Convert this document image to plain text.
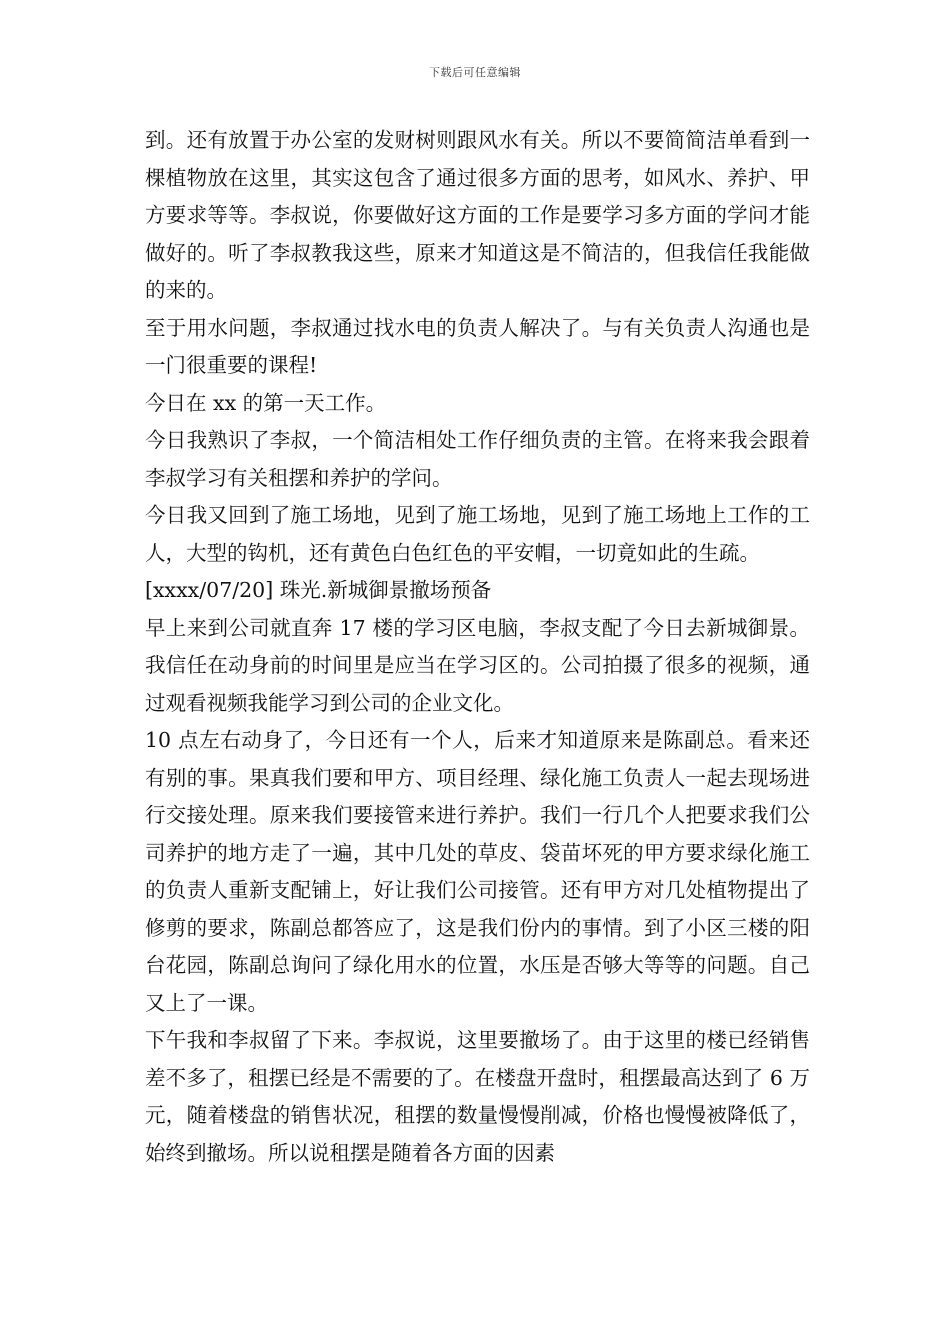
下载后可任意编辑

到。还有放置于办公室的发财树则跟风水有关。所以不要简简洁单看到一棵植物放在这里，其实这包含了通过很多方面的思考，如风水、养护、甲方要求等等。李叔说，你要做好这方面的工作是要学习多方面的学问才能做好的。听了李叔教我这些，原来才知道这是不简洁的，但我信任我能做的来的。

至于用水问题，李叔通过找水电的负责人解决了。与有关负责人沟通也是一门很重要的课程!

今日在 xx 的第一天工作。

今日我熟识了李叔，一个简洁相处工作仔细负责的主管。在将来我会跟着李叔学习有关租摆和养护的学问。

今日我又回到了施工场地，见到了施工场地，见到了施工场地上工作的工人，大型的钩机，还有黄色白色红色的平安帽，一切竟如此的生疏。

[xxxx/07/20] 珠光.新城御景撤场预备

早上来到公司就直奔 17 楼的学习区电脑，李叔支配了今日去新城御景。我信任在动身前的时间里是应当在学习区的。公司拍摄了很多的视频，通过观看视频我能学习到公司的企业文化。

10 点左右动身了，今日还有一个人，后来才知道原来是陈副总。看来还有别的事。果真我们要和甲方、项目经理、绿化施工负责人一起去现场进行交接处理。原来我们要接管来进行养护。我们一行几个人把要求我们公司养护的地方走了一遍，其中几处的草皮、袋苗坏死的甲方要求绿化施工的负责人重新支配铺上，好让我们公司接管。还有甲方对几处植物提出了修剪的要求，陈副总都答应了，这是我们份内的事情。到了小区三楼的阳台花园，陈副总询问了绿化用水的位置，水压是否够大等等的问题。自己又上了一课。

下午我和李叔留了下来。李叔说，这里要撤场了。由于这里的楼已经销售差不多了，租摆已经是不需要的了。在楼盘开盘时，租摆最高达到了 6 万元，随着楼盘的销售状况，租摆的数量慢慢削减，价格也慢慢被降低了，始终到撤场。所以说租摆是随着各方面的因素
